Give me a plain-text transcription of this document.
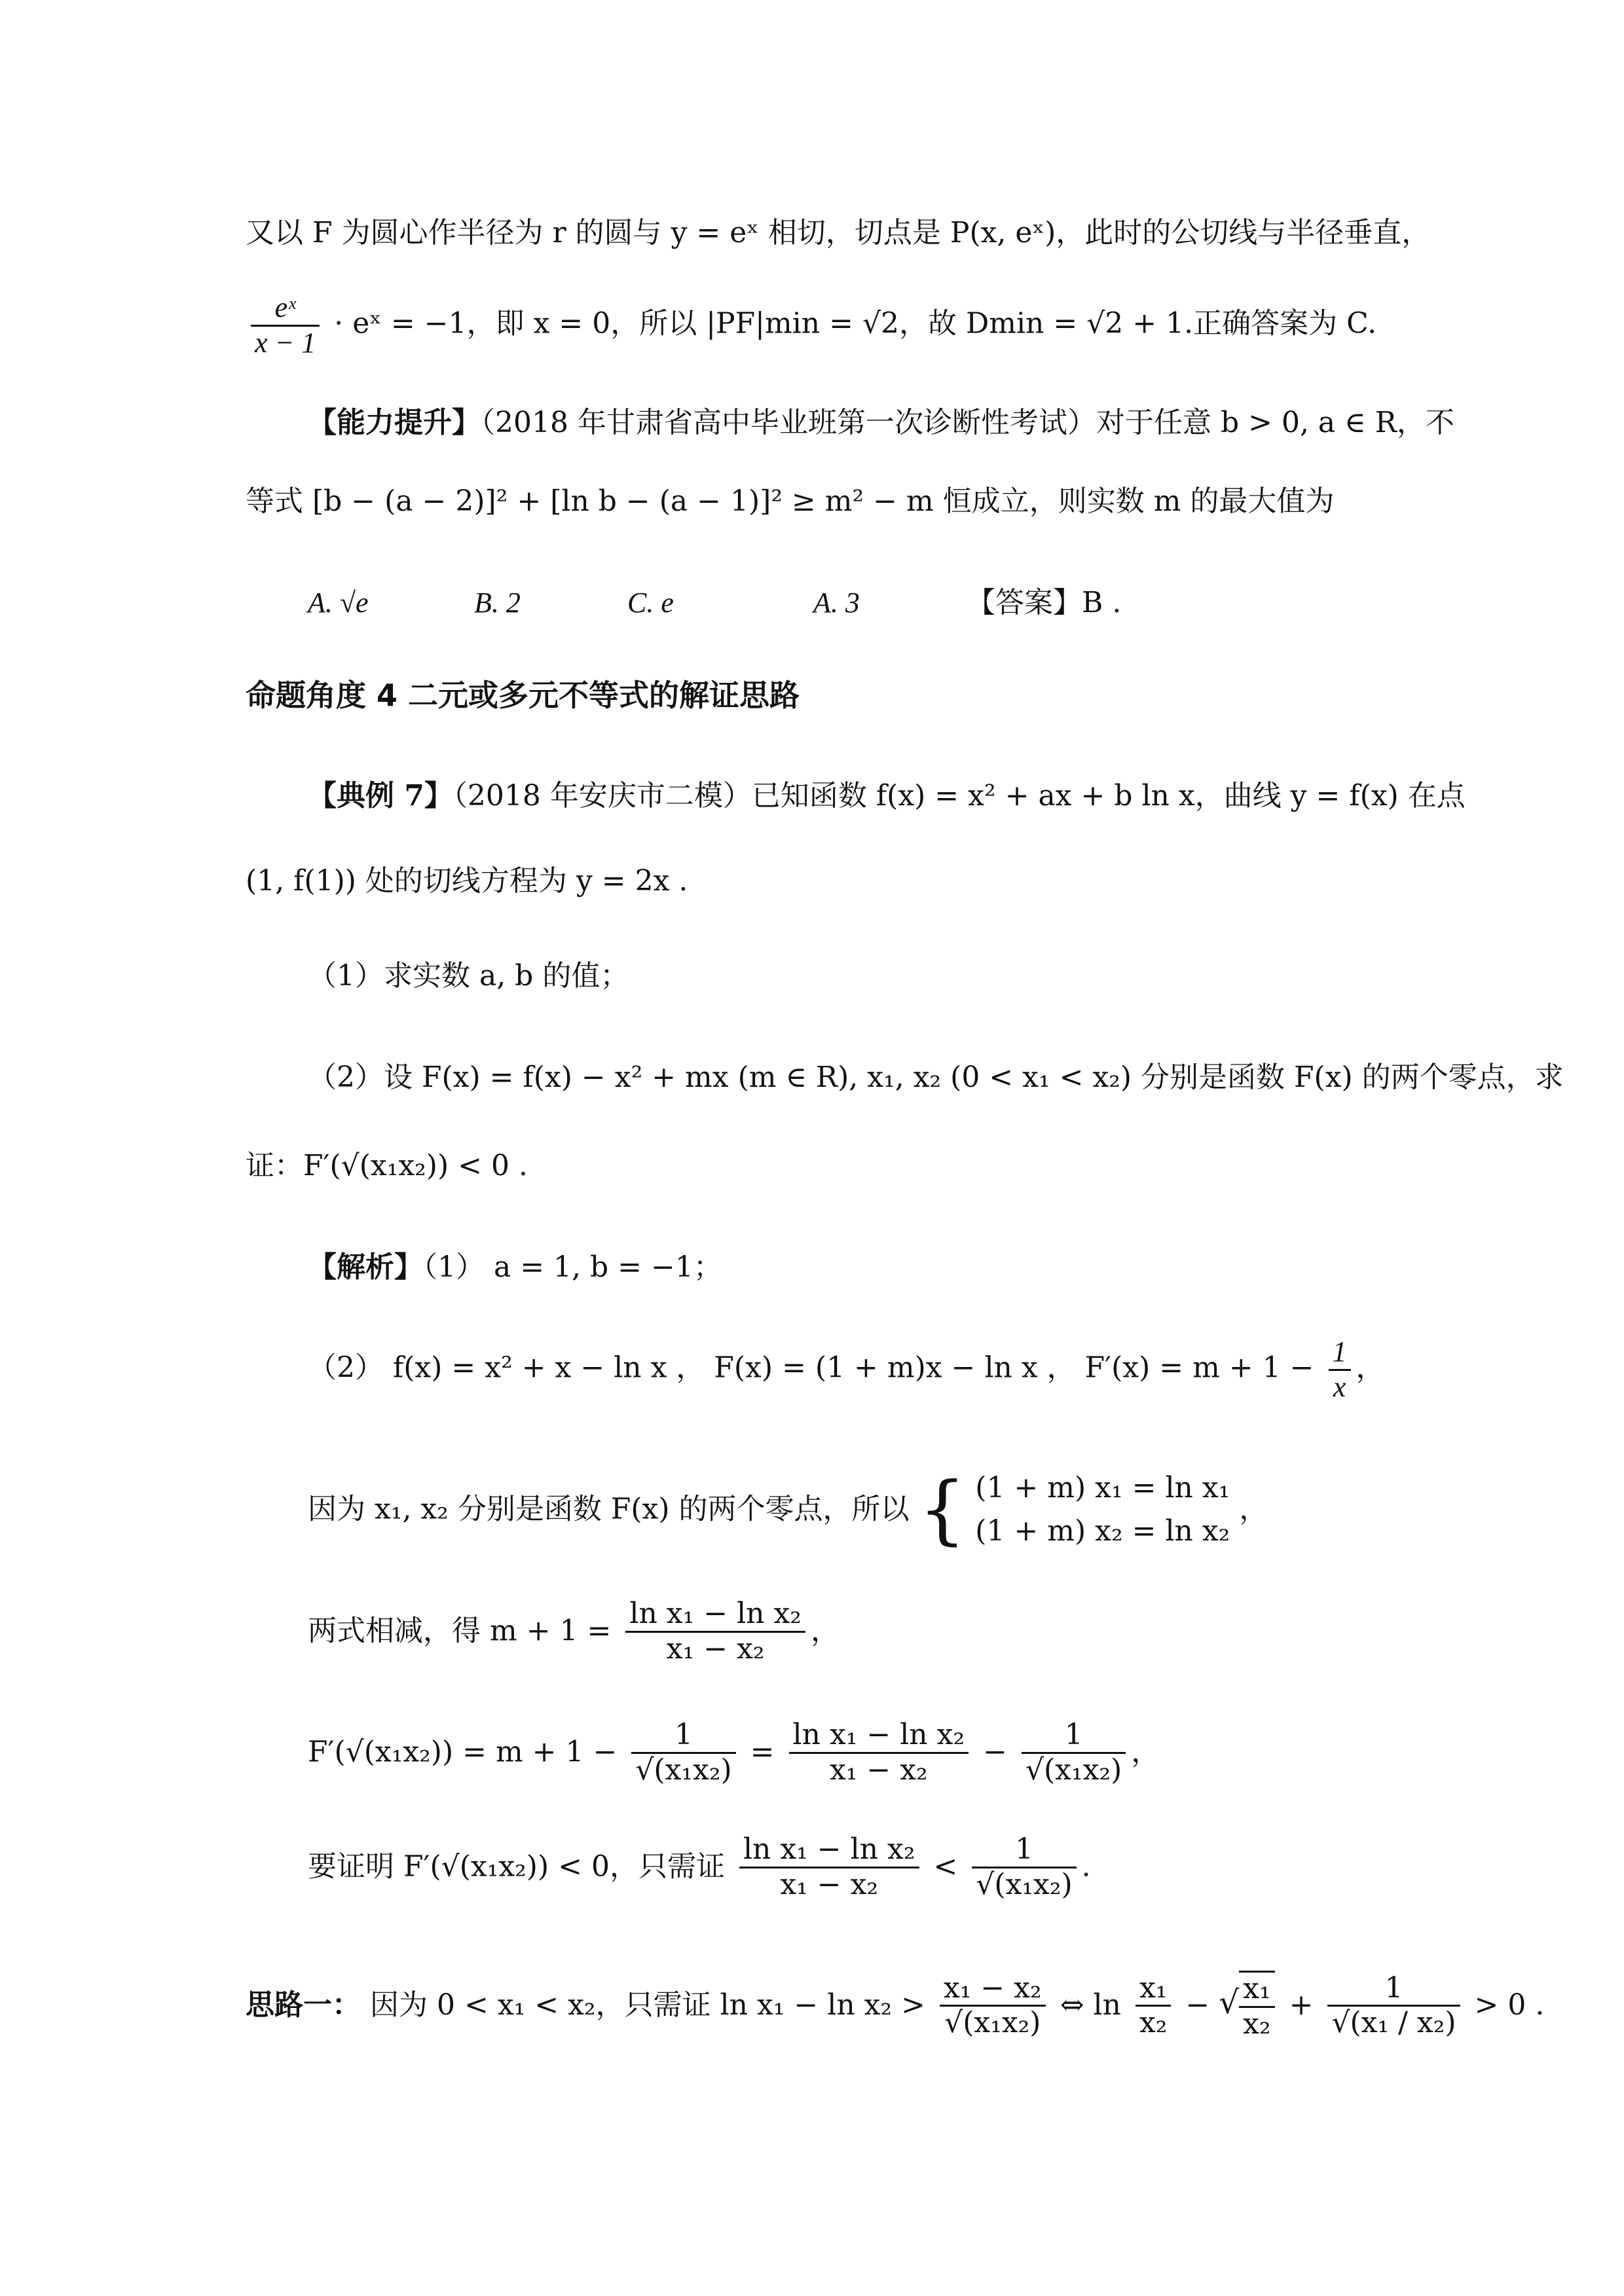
又以 F 为圆心作半径为 r 的圆与 y = eˣ 相切，切点是 P(x, eˣ)，此时的公切线与半径垂直，
$\frac{\text{eˣ}}{x - 1}$ · eˣ = −1，即 x = 0，所以 |PF|min = √2，故 Dmin = √2 + 1.正确答案为 C.
【能力提升】（2018 年甘肃省高中毕业班第一次诊断性考试）对于任意 b > 0, a ∈ R，不
等式 [b − (a − 2)]² + [ln b − (a − 1)]² ≥ m² − m 恒成立，则实数 m 的最大值为
A. √e	B. 2	C. e	A. 3	【答案】B .
命题角度 4 二元或多元不等式的解证思路
【典例 7】（2018 年安庆市二模）已知函数 f(x) = x² + ax + b ln x，曲线 y = f(x) 在点
(1, f(1)) 处的切线方程为 y = 2x .
（1）求实数 a, b 的值；
（2）设 F(x) = f(x) − x² + mx (m ∈ R), x₁, x₂ (0 < x₁ < x₂) 分别是函数 F(x) 的两个零点，求
证：F′(√(x₁x₂)) < 0 .
【解析】（1） a = 1, b = −1；
（2） f(x) = x² + x − ln x ， F(x) = (1 + m)x − ln x ， $F'(x) = m + 1 - \frac{1}{x}$ ，
因为 x₁, x₂ 分别是函数 F(x) 的两个零点，所以 { (1 + m) x₁ = ln x₁
(1 + m) x₂ = ln x₂
，
两式相减，得 $m + 1 = \frac{\text{ln x₁ − ln x₂}}{\text{x₁ − x₂}}$ ，
$F'(√(x_1x_2)) = m + 1 - \frac{1}{\text{√(x₁x₂)}} = \frac{\text{ln x₁ − ln x₂}}{\text{x₁ − x₂}} - \frac{1}{\text{√(x₁x₂)}}$ ，
要证明 F′(√(x₁x₂)) < 0，只需证 $\frac{\text{ln x₁ − ln x₂}}{\text{x₁ − x₂}} < \frac{1}{\text{√(x₁x₂)}}$ .
思路一： 因为 0 < x₁ < x₂，只需证 $\ln x_1 - \ln x_2 > \frac{\text{x₁ − x₂}}{\text{√(x₁x₂)}}$ ⇔ $\ln \frac{\text{x₁}}{\text{x₂}}$ − √ $\frac{\text{x₁}}{\text{x₂}} + \frac{1}{\text{√(x₁ / x₂)}} > 0$ .
